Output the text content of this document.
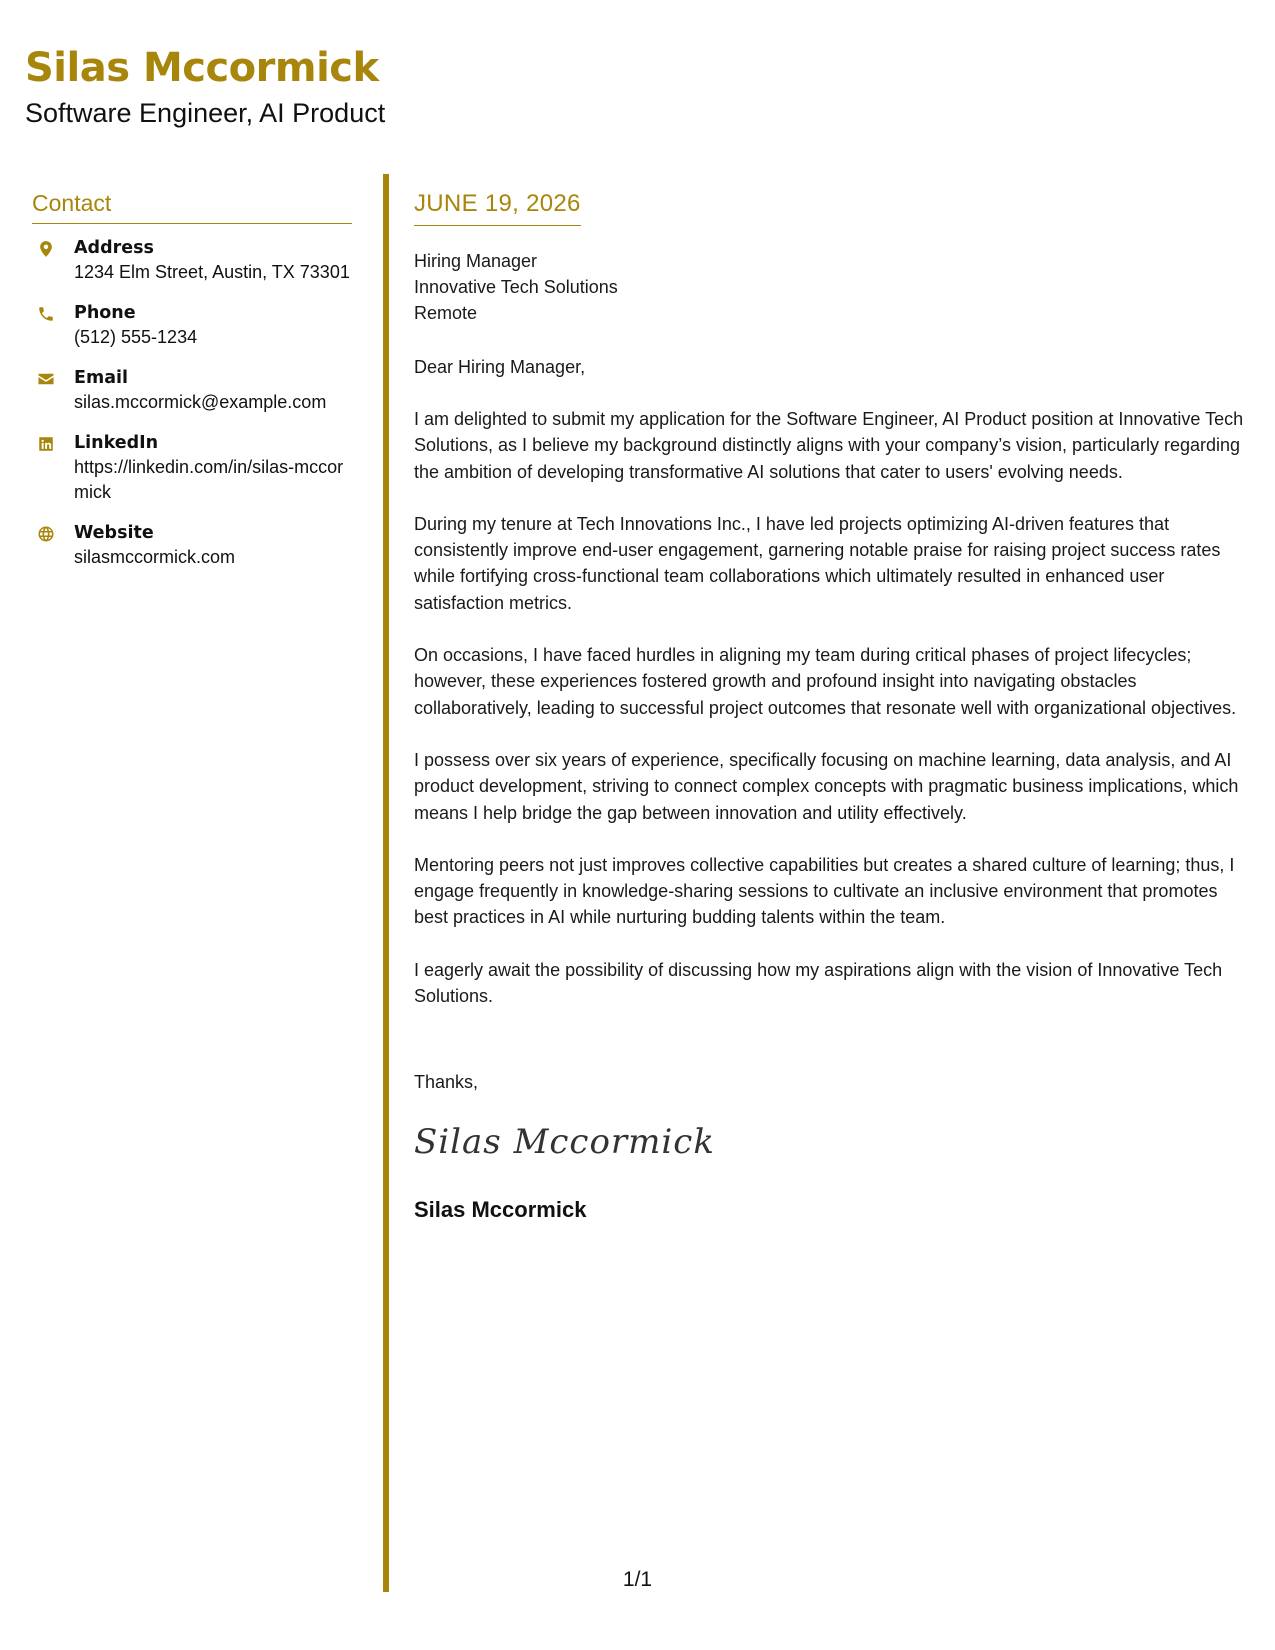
Silas Mccormick
Software Engineer, AI Product
Contact
Address
1234 Elm Street, Austin, TX 73301
Phone
(512) 555-1234
Email
silas.mccormick@example.com
LinkedIn
https://linkedin.com/in/silas-mccormick
Website
silasmccormick.com
JUNE 19, 2026
Hiring Manager
Innovative Tech Solutions
Remote
Dear Hiring Manager,

I am delighted to submit my application for the Software Engineer, AI Product position at Innovative Tech Solutions, as I believe my background distinctly aligns with your company’s vision, particularly regarding the ambition of developing transformative AI solutions that cater to users' evolving needs.

During my tenure at Tech Innovations Inc., I have led projects optimizing AI-driven features that consistently improve end-user engagement, garnering notable praise for raising project success rates while fortifying cross-functional team collaborations which ultimately resulted in enhanced user satisfaction metrics.

On occasions, I have faced hurdles in aligning my team during critical phases of project lifecycles; however, these experiences fostered growth and profound insight into navigating obstacles collaboratively, leading to successful project outcomes that resonate well with organizational objectives.

I possess over six years of experience, specifically focusing on machine learning, data analysis, and AI product development, striving to connect complex concepts with pragmatic business implications, which means I help bridge the gap between innovation and utility effectively.

Mentoring peers not just improves collective capabilities but creates a shared culture of learning; thus, I engage frequently in knowledge-sharing sessions to cultivate an inclusive environment that promotes best practices in AI while nurturing budding talents within the team.

I eagerly await the possibility of discussing how my aspirations align with the vision of Innovative Tech Solutions.

Thanks,
Silas Mccormick
Silas Mccormick
1/1
